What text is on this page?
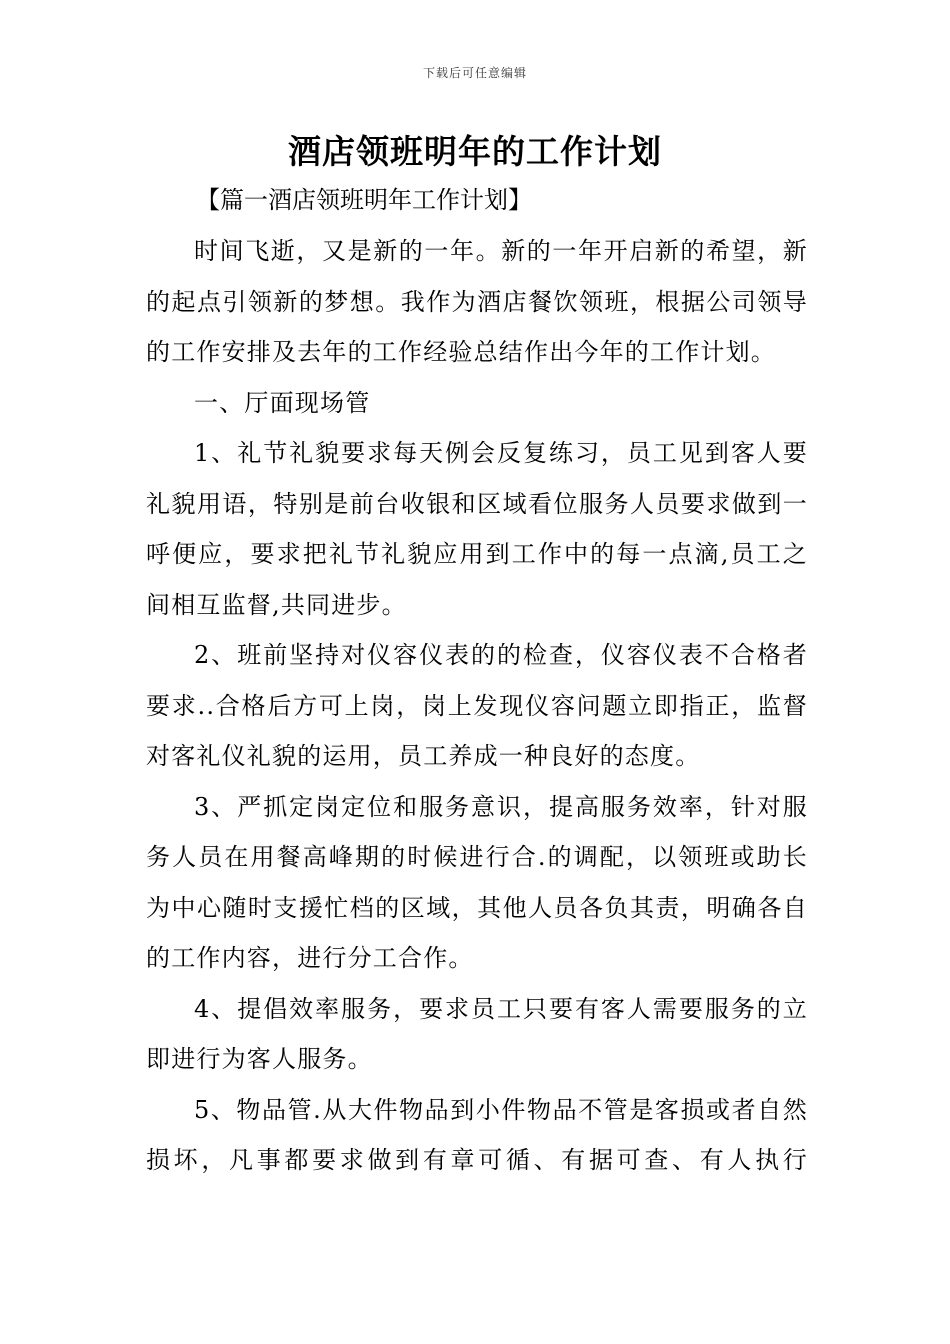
下载后可任意编辑
酒店领班明年的工作计划
【篇一酒店领班明年工作计划】

时间飞逝，又是新的一年。新的一年开启新的希望，新的起点引领新的梦想。我作为酒店餐饮领班，根据公司领导的工作安排及去年的工作经验总结作出今年的工作计划。

一、厅面现场管

1、礼节礼貌要求每天例会反复练习，员工见到客人要礼貌用语，特别是前台收银和区域看位服务人员要求做到一呼便应，要求把礼节礼貌应用到工作中的每一点滴,员工之间相互监督,共同进步。

2、班前坚持对仪容仪表的的检查，仪容仪表不合格者要求..合格后方可上岗，岗上发现仪容问题立即指正，监督对客礼仪礼貌的运用，员工养成一种良好的态度。

3、严抓定岗定位和服务意识，提高服务效率，针对服务人员在用餐高峰期的时候进行合.的调配，以领班或助长为中心随时支援忙档的区域，其他人员各负其责，明确各自的工作内容，进行分工合作。

4、提倡效率服务，要求员工只要有客人需要服务的立即进行为客人服务。

5、物品管.从大件物品到小件物品不管是客损或者自然损坏，凡事都要求做到有章可循、有据可查、有人执行
